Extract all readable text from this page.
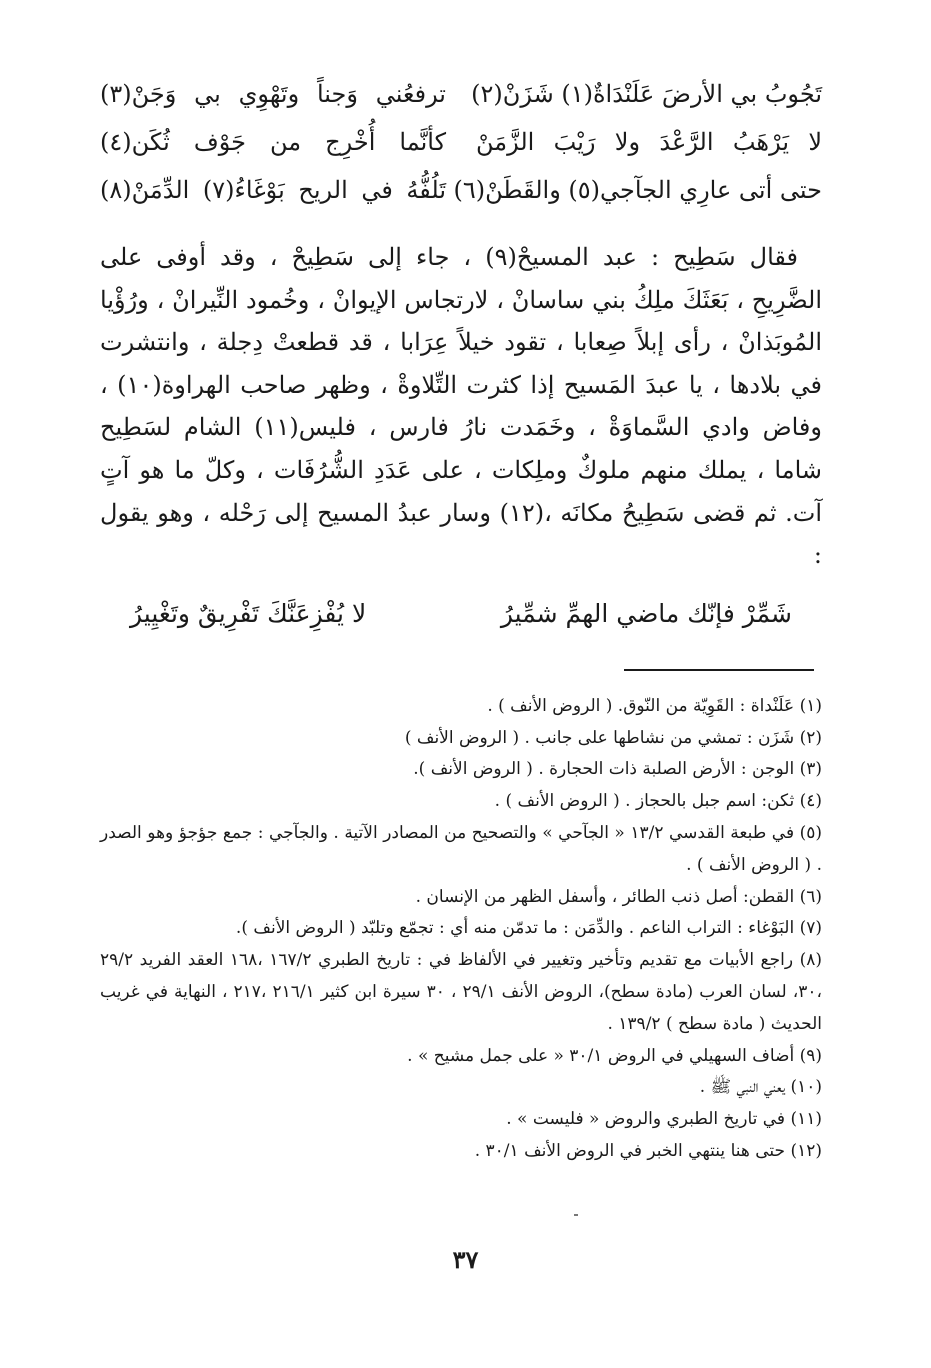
تَجُوبُ بي الأرضَ عَلَنْدَاةٌ(١) شَزَنْ(٢)
ترفعُني وَجناً وتَهْوِي بي وَجَنْ(٣)
لا يَرْهَبُ الرَّعْدَ ولا رَيْبَ الزَّمَنْ
كأنَّما أُخْرِج من جَوْف ثُكَن(٤)
حتى أتى عارِي الجآجي(٥) والقَطَنْ(٦)
تَلُفُّهُ في الريح بَوْغَاءُ(٧) الدِّمَنْ(٨)

فقال سَطِيح : عبد المسيحْ(٩) ، جاء إلى سَطِيحْ ، وقد أوفى على الضَّرِيحِ ، بَعَثَكَ ملِكُ بني ساسانْ ، لارتجاس الإيوانْ ، وخُمود النِّيرانْ ، ورُؤْيا المُوبَذانْ ، رأى إبلاً صِعابا ، تقود خيلاً عِرَابا ، قد قطعتْ دِجلة ، وانتشرت في بلادها ، يا عبدَ المَسيح إذا كثرت التِّلاوةْ ، وظهر صاحب الهراوة(١٠) ، وفاض وادي السَّماوَةْ ، وخَمَدت نارُ فارس ، فليس(١١) الشام لسَطِيح شاما ، يملك منهم ملوكٌ وملِكات ، على عَدَدِ الشُّرُفَات ، وكلّ ما هو آتٍ آت. ثم قضى سَطِيحُ مكانَه ،(١٢) وسار عبدُ المسيح إلى رَحْله ، وهو يقول :

شَمِّرْ فإنّك ماضي الهمِّ شمِّيرُ
لا يُفْزِعَنَّكَ تَفْرِيقٌ وتَغْيِيرُ

(١) عَلَنْداة : القَوِيّة من النّوق. ( الروض الأنف ) .

(٢) شَزَن : تمشي من نشاطها على جانب . ( الروض الأنف )

(٣) الوجن : الأرض الصلبة ذات الحجارة . ( الروض الأنف ).

(٤) ثكن: اسم جبل بالحجاز . ( الروض الأنف ) .

(٥) في طبعة القدسي ١٣/٢ « الجآحي » والتصحيح من المصادر الآتية . والجآجي : جمع جؤجؤ وهو الصدر . ( الروض الأنف ) .

(٦) القطن: أصل ذنب الطائر ، وأسفل الظهر من الإنسان .

(٧) البَوْغاء : التراب الناعم . والدِّمَن : ما تدمّن منه أي : تجمّع وتلبّد ( الروض الأنف ).

(٨) راجع الأبيات مع تقديم وتأخير وتغيير في الألفاظ في : تاريخ الطبري ١٦٧/٢ ،١٦٨ العقد الفريد ٢٩/٢ ،٣٠، لسان العرب (مادة سطح)، الروض الأنف ٢٩/١ ، ٣٠ سيرة ابن كثير ٢١٦/١ ،٢١٧ ، النهاية في غريب الحديث ( مادة سطح ) ١٣٩/٢ .

(٩) أضاف السهيلي في الروض ٣٠/١ « على جمل مشيح » .

(١٠) يعني النبي ﷺ .

(١١) في تاريخ الطبري والروض « فليست » .

(١٢) حتى هنا ينتهي الخبر في الروض الأنف ٣٠/١ .

٣٧
